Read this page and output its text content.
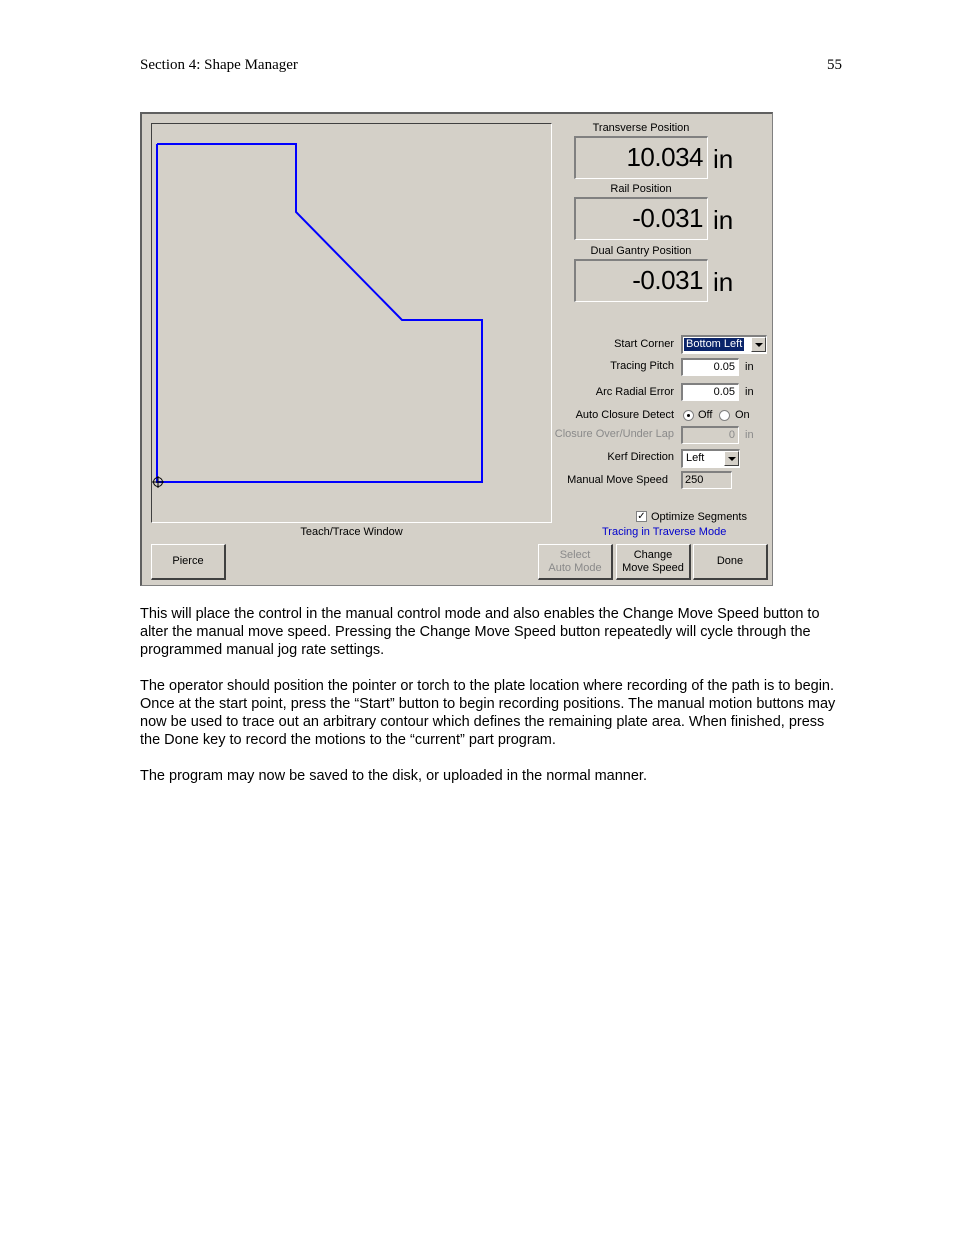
Section 4: Shape Manager	55
Teach/Trace Window
Transverse Position
10.034 in
Rail Position
-0.031 in
Dual Gantry Position
-0.031 in
Start Corner Bottom Left
Tracing Pitch	0.05 in
Arc Radial Error	0.05 in
Auto Closure Detect Off On
Closure Over/Under Lap	0 in
Kerf Direction Left
Manual Move Speed	250
✓ Optimize Segments
Tracing in Traverse Mode
Pierce
Select
Auto Mode
Change
Move Speed
Done

This will place the control in the manual control mode and also enables the Change Move Speed button to alter the manual move speed. Pressing the Change Move Speed button repeatedly will cycle through the programmed manual jog rate settings.

The operator should position the pointer or torch to the plate location where recording of the path is to begin. Once at the start point, press the “Start” button to begin recording positions. The manual motion buttons may now be used to trace out an arbitrary contour which defines the remaining plate area. When finished, press the Done key to record the motions to the “current” part program.

The program may now be saved to the disk, or uploaded in the normal manner.
